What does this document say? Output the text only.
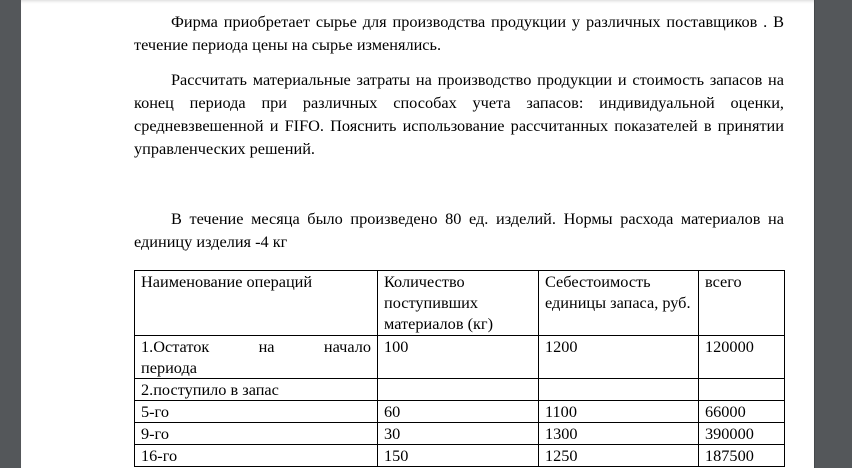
Фирма приобретает сырье для производства продукции у различных поставщиков . В течение периода цены на сырье изменялись.

Рассчитать материальные затраты на производство продукции и стоимость запасов на конец периода при различных способах учета запасов: индивидуальной оценки, средневзвешенной и FIFO. Пояснить использование рассчитанных показателей в принятии управленческих решений.

В течение месяца было произведено 80 ед. изделий. Нормы расхода материалов на единицу изделия -4 кг

Наименование операций	Количество поступивших материалов (кг)	Себестоимость единицы запаса, руб.	всего

1.Остаток на начало
периода	100	1200	120000
2.поступило в запас			
5-го	60	1100	66000
9-го	30	1300	390000
16-го	150	1250	187500
